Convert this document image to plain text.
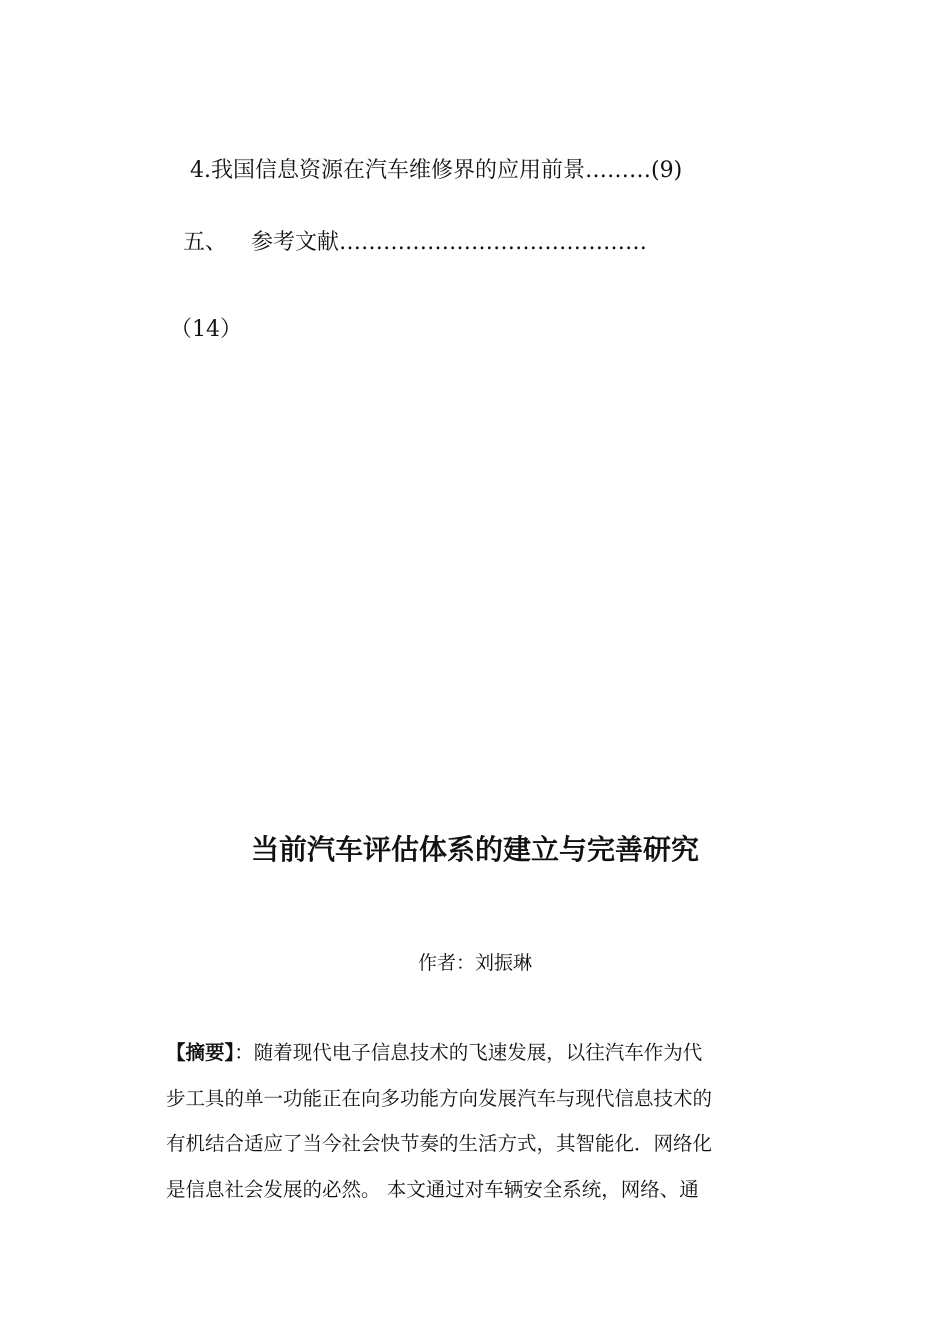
4.我国信息资源在汽车维修界的应用前景………(9)
五、 参考文献……………………………………
（14）
当前汽车评估体系的建立与完善研究
作者：刘振琳
【摘要】：随着现代电子信息技术的飞速发展，以往汽车作为代
步工具的单一功能正在向多功能方向发展汽车与现代信息技术的
有机结合适应了当今社会快节奏的生活方式，其智能化．网络化
是信息社会发展的必然。 本文通过对车辆安全系统，网络、通
